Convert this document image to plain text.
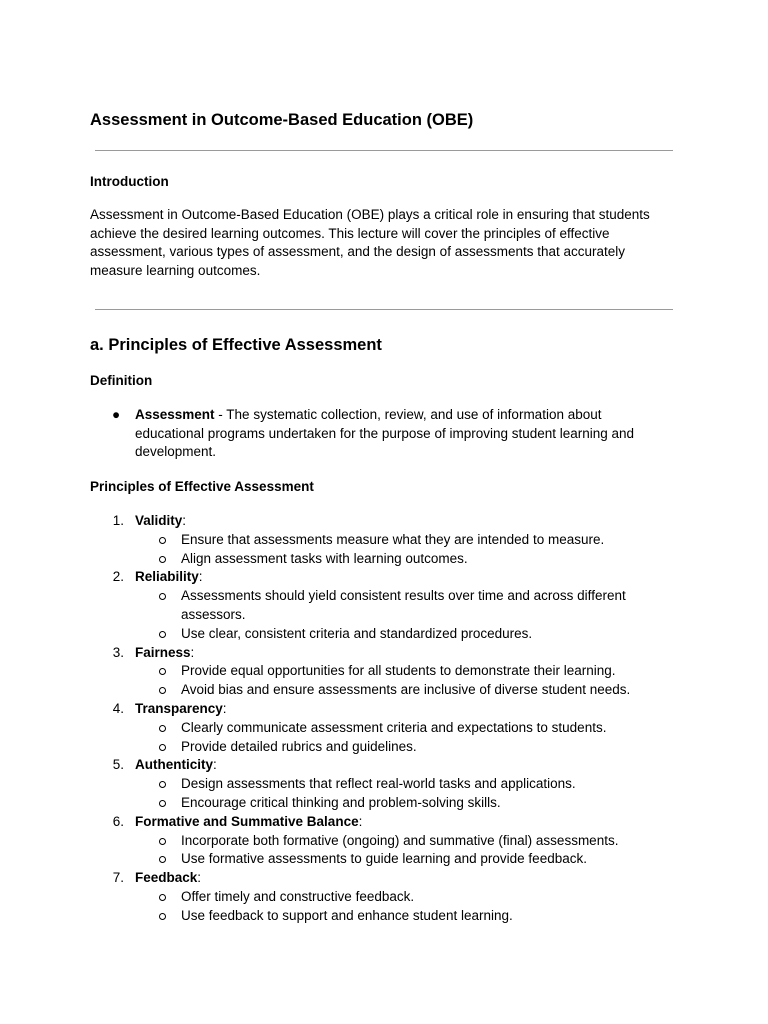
Assessment in Outcome-Based Education (OBE)
Introduction
Assessment in Outcome-Based Education (OBE) plays a critical role in ensuring that students achieve the desired learning outcomes. This lecture will cover the principles of effective assessment, various types of assessment, and the design of assessments that accurately measure learning outcomes.
a. Principles of Effective Assessment
Definition
● Assessment - The systematic collection, review, and use of information about educational programs undertaken for the purpose of improving student learning and development.
Principles of Effective Assessment
1. Validity:
Ensure that assessments measure what they are intended to measure.
Align assessment tasks with learning outcomes.
2. Reliability:
Assessments should yield consistent results over time and across different assessors.
Use clear, consistent criteria and standardized procedures.
3. Fairness:
Provide equal opportunities for all students to demonstrate their learning.
Avoid bias and ensure assessments are inclusive of diverse student needs.
4. Transparency:
Clearly communicate assessment criteria and expectations to students.
Provide detailed rubrics and guidelines.
5. Authenticity:
Design assessments that reflect real-world tasks and applications.
Encourage critical thinking and problem-solving skills.
6. Formative and Summative Balance:
Incorporate both formative (ongoing) and summative (final) assessments.
Use formative assessments to guide learning and provide feedback.
7. Feedback:
Offer timely and constructive feedback.
Use feedback to support and enhance student learning.
